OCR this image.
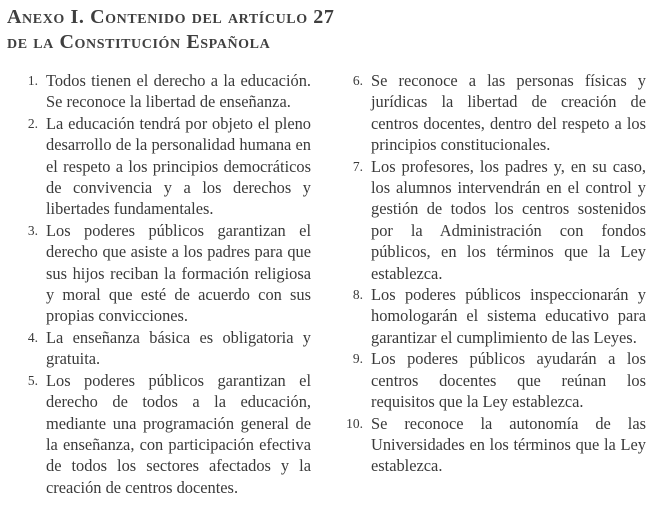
Anexo I. Contenido del artículo 27
de la Constitución Española
1. Todos tienen el derecho a la educación. Se reconoce la libertad de enseñanza.
2. La educación tendrá por objeto el pleno desarrollo de la personalidad humana en el respeto a los principios democráticos de convivencia y a los derechos y libertades fundamentales.
3. Los poderes públicos garantizan el derecho que asiste a los padres para que sus hijos reciban la formación religiosa y moral que esté de acuerdo con sus propias convicciones.
4. La enseñanza básica es obligatoria y gratuita.
5. Los poderes públicos garantizan el derecho de todos a la educación, mediante una programación general de la enseñanza, con participación efectiva de todos los sectores afectados y la creación de centros docentes.
6. Se reconoce a las personas físicas y jurídicas la libertad de creación de centros docentes, dentro del respeto a los principios constitucionales.
7. Los profesores, los padres y, en su caso, los alumnos intervendrán en el control y gestión de todos los centros sostenidos por la Administración con fondos públicos, en los términos que la Ley establezca.
8. Los poderes públicos inspeccionarán y homologarán el sistema educativo para garantizar el cumplimiento de las Leyes.
9. Los poderes públicos ayudarán a los centros docentes que reúnan los requisitos que la Ley establezca.
10. Se reconoce la autonomía de las Universidades en los términos que la Ley establezca.
